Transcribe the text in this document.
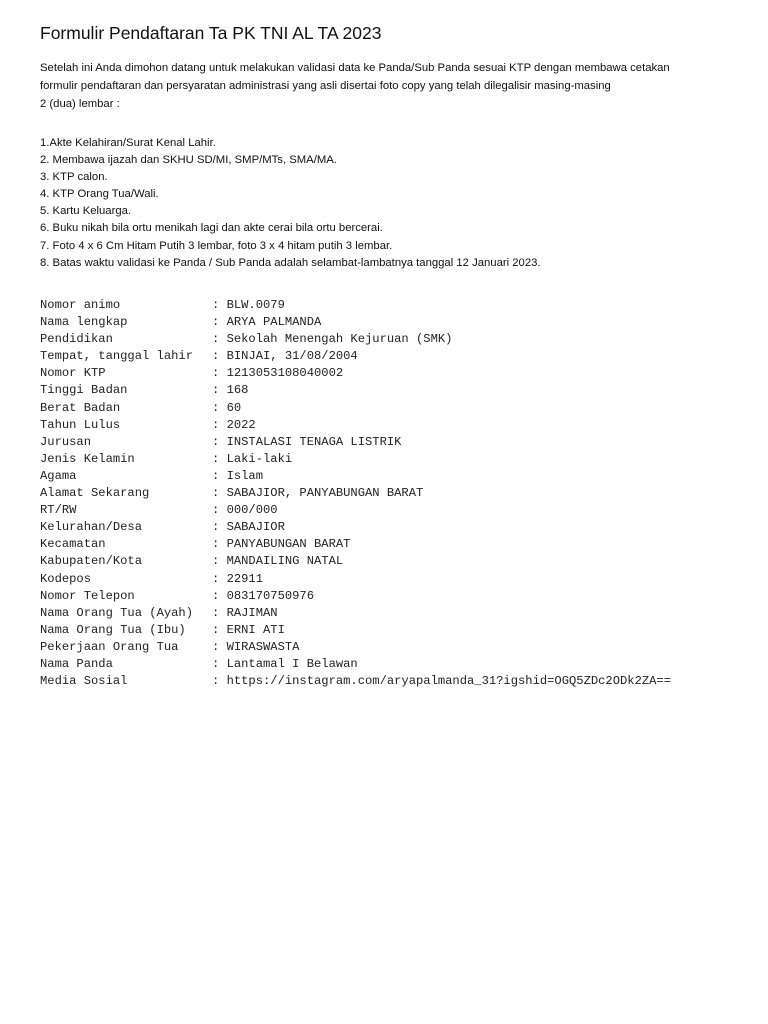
Formulir Pendaftaran Ta PK TNI AL TA 2023
Setelah ini Anda dimohon datang untuk melakukan validasi data ke Panda/Sub Panda sesuai KTP dengan membawa cetakan
formulir pendaftaran dan persyaratan administrasi yang asli disertai foto copy yang telah dilegalisir masing-masing
2 (dua) lembar :
1.Akte Kelahiran/Surat Kenal Lahir.
2. Membawa ijazah dan SKHU SD/MI, SMP/MTs, SMA/MA.
3. KTP calon.
4. KTP Orang Tua/Wali.
5. Kartu Keluarga.
6. Buku nikah bila ortu menikah lagi dan akte cerai bila ortu bercerai.
7. Foto 4 x 6 Cm Hitam Putih 3 lembar, foto 3 x 4 hitam putih 3 lembar.
8. Batas waktu validasi ke Panda / Sub Panda adalah selambat-lambatnya tanggal 12 Januari 2023.
Nomor animo	: BLW.0079
Nama lengkap	: ARYA PALMANDA
Pendidikan	: Sekolah Menengah Kejuruan (SMK)
Tempat, tanggal lahir	: BINJAI, 31/08/2004
Nomor KTP	: 1213053108040002
Tinggi Badan	: 168
Berat Badan	: 60
Tahun Lulus	: 2022
Jurusan	: INSTALASI TENAGA LISTRIK
Jenis Kelamin	: Laki-laki
Agama	: Islam
Alamat Sekarang	: SABAJIOR, PANYABUNGAN BARAT
RT/RW	: 000/000
Kelurahan/Desa	: SABAJIOR
Kecamatan	: PANYABUNGAN BARAT
Kabupaten/Kota	: MANDAILING NATAL
Kodepos	: 22911
Nomor Telepon	: 083170750976
Nama Orang Tua (Ayah)	: RAJIMAN
Nama Orang Tua (Ibu)	: ERNI ATI
Pekerjaan Orang Tua	: WIRASWASTA
Nama Panda	: Lantamal I Belawan
Media Sosial	: https://instagram.com/aryapalmanda_31?igshid=OGQ5ZDc2ODk2ZA==
